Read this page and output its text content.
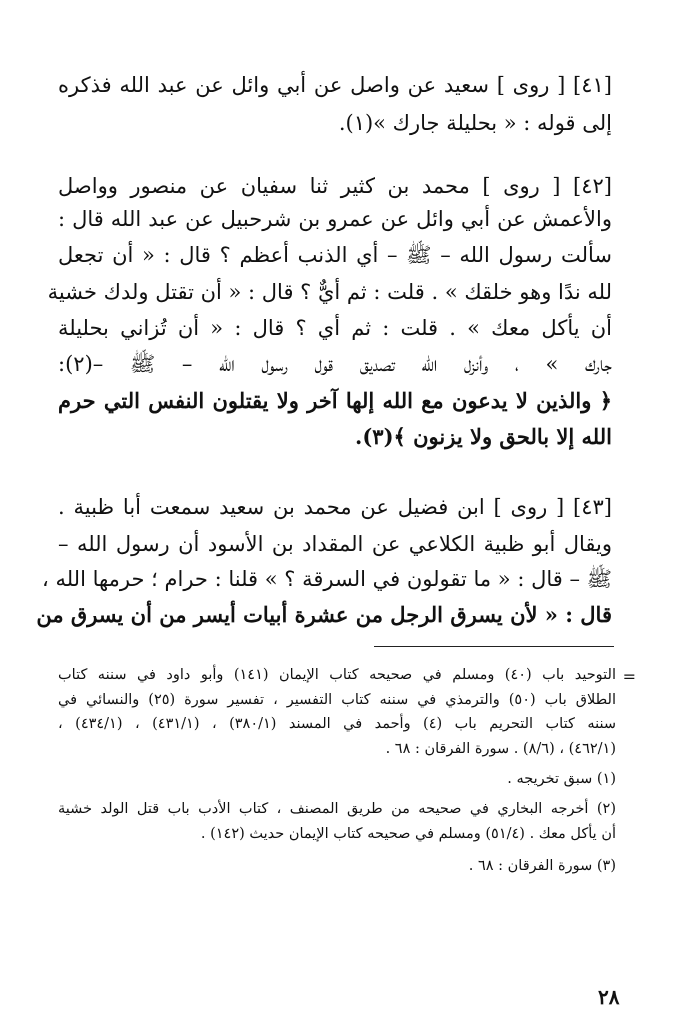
[٤١] [ روى ] سعيد عن واصل عن أبي وائل عن عبد الله فذكره
إلى قوله : « بحليلة جارك »(١).
[٤٢] [ روى ] محمد بن كثير ثنا سفيان عن منصور وواصل
والأعمش عن أبي وائل عن عمرو بن شرحبيل عن عبد الله قال :
سألت رسول الله – ﷺ – أي الذنب أعظم ؟ قال : « أن تجعل
لله ندًا وهو خلقك » . قلت : ثم أيٌّ ؟ قال : « أن تقتل ولدك خشية
أن يأكل معك » . قلت : ثم أي ؟ قال : « أن تُزاني بحليلة
جارك » ، وأنزل الله تصديق قول رسول الله – ﷺ –(٢):
﴿ والذين لا يدعون مع الله إلها آخر ولا يقتلون النفس التي حرم
الله إلا بالحق ولا يزنون ﴾(٣).
[٤٣] [ روى ] ابن فضيل عن محمد بن سعيد سمعت أبا ظبية .
ويقال أبو ظبية الكلاعي عن المقداد بن الأسود أن رسول الله –
ﷺ – قال : « ما تقولون في السرقة ؟ » قلنا : حرام ؛ حرمها الله ،
قال : « لأن يسرق الرجل من عشرة أبيات أيسر من أن يسرق من
=
التوحيد باب (٤٠) ومسلم في صحيحه كتاب الإيمان (١٤١) وأبو داود في سننه كتاب
الطلاق باب (٥٠) والترمذي في سننه كتاب التفسير ، تفسير سورة (٢٥) والنسائي في
سننه كتاب التحريم باب (٤) وأحمد في المسند (٣٨٠/١) ، (٤٣١/١) ، (٤٣٤/١) ،
(٤٦٢/١) ، (٨/٦) . سورة الفرقان : ٦٨ .
(١) سبق تخريجه .
(٢) أخرجه البخاري في صحيحه من طريق المصنف ، كتاب الأدب باب قتل الولد خشية
أن يأكل معك . (٥١/٤) ومسلم في صحيحه كتاب الإيمان حديث (١٤٢) .
(٣) سورة الفرقان : ٦٨ .
٢٨
